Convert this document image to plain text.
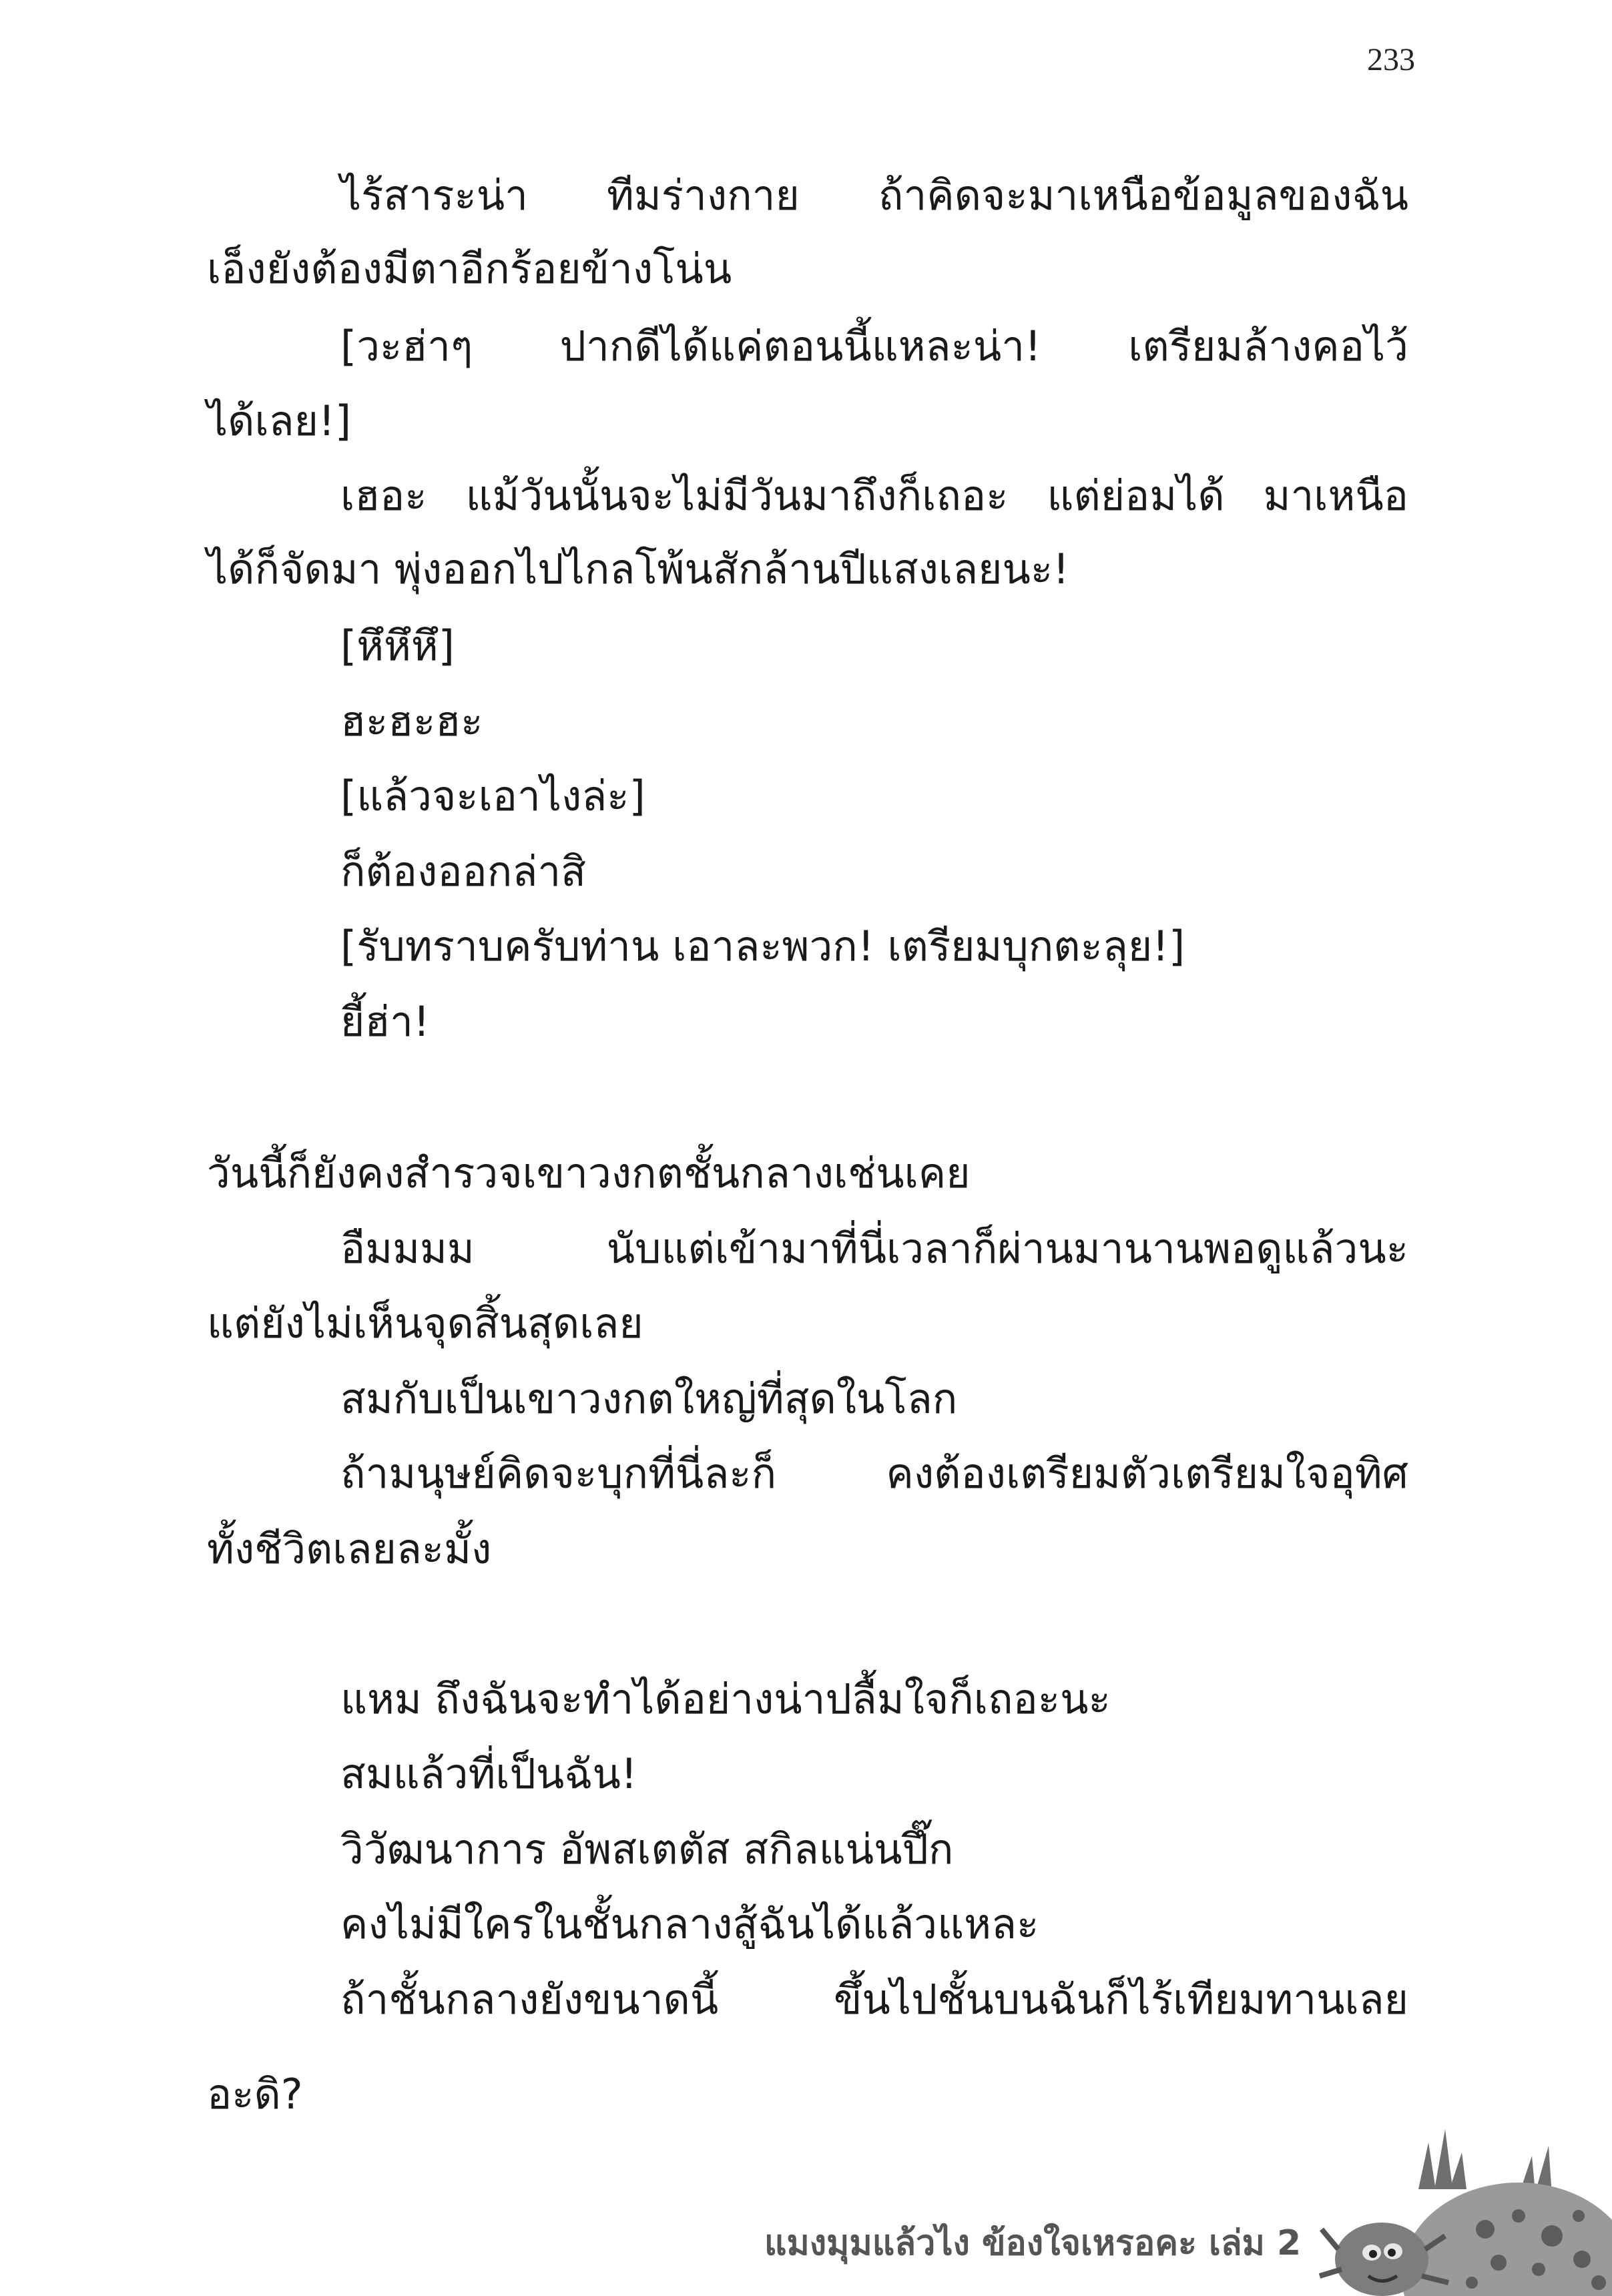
233
ไร้สาระน่า ทีมร่างกาย ถ้าคิดจะมาเหนือข้อมูลของฉัน
เอ็งยังต้องมีตาอีกร้อยข้างโน่น
[วะฮ่าๆ ปากดีได้แค่ตอนนี้แหละน่า! เตรียมล้างคอไว้
ได้เลย!]
เฮอะ แม้วันนั้นจะไม่มีวันมาถึงก็เถอะ แต่ย่อมได้ มาเหนือ
ได้ก็จัดมา พุ่งออกไปไกลโพ้นสักล้านปีแสงเลยนะ!
[หึหึหึ]
ฮะฮะฮะ
[แล้วจะเอาไงล่ะ]
ก็ต้องออกล่าสิ
[รับทราบครับท่าน เอาละพวก! เตรียมบุกตะลุย!]
ยี้ฮ่า!
วันนี้ก็ยังคงสำรวจเขาวงกตชั้นกลางเช่นเคย
อืมมมม	นับแต่เข้ามาที่นี่เวลาก็ผ่านมานานพอดูแล้วนะ
แต่ยังไม่เห็นจุดสิ้นสุดเลย
สมกับเป็นเขาวงกตใหญ่ที่สุดในโลก
ถ้ามนุษย์คิดจะบุกที่นี่ละก็	คงต้องเตรียมตัวเตรียมใจอุทิศ
ทั้งชีวิตเลยละมั้ง
แหม ถึงฉันจะทำได้อย่างน่าปลื้มใจก็เถอะนะ
สมแล้วที่เป็นฉัน!
วิวัฒนาการ อัพสเตตัส สกิลแน่นปึ๊ก
คงไม่มีใครในชั้นกลางสู้ฉันได้แล้วแหละ
ถ้าชั้นกลางยังขนาดนี้	ขึ้นไปชั้นบนฉันก็ไร้เทียมทานเลย
อะดิ?
แมงมุมแล้วไง ข้องใจเหรอคะ เล่ม 2
